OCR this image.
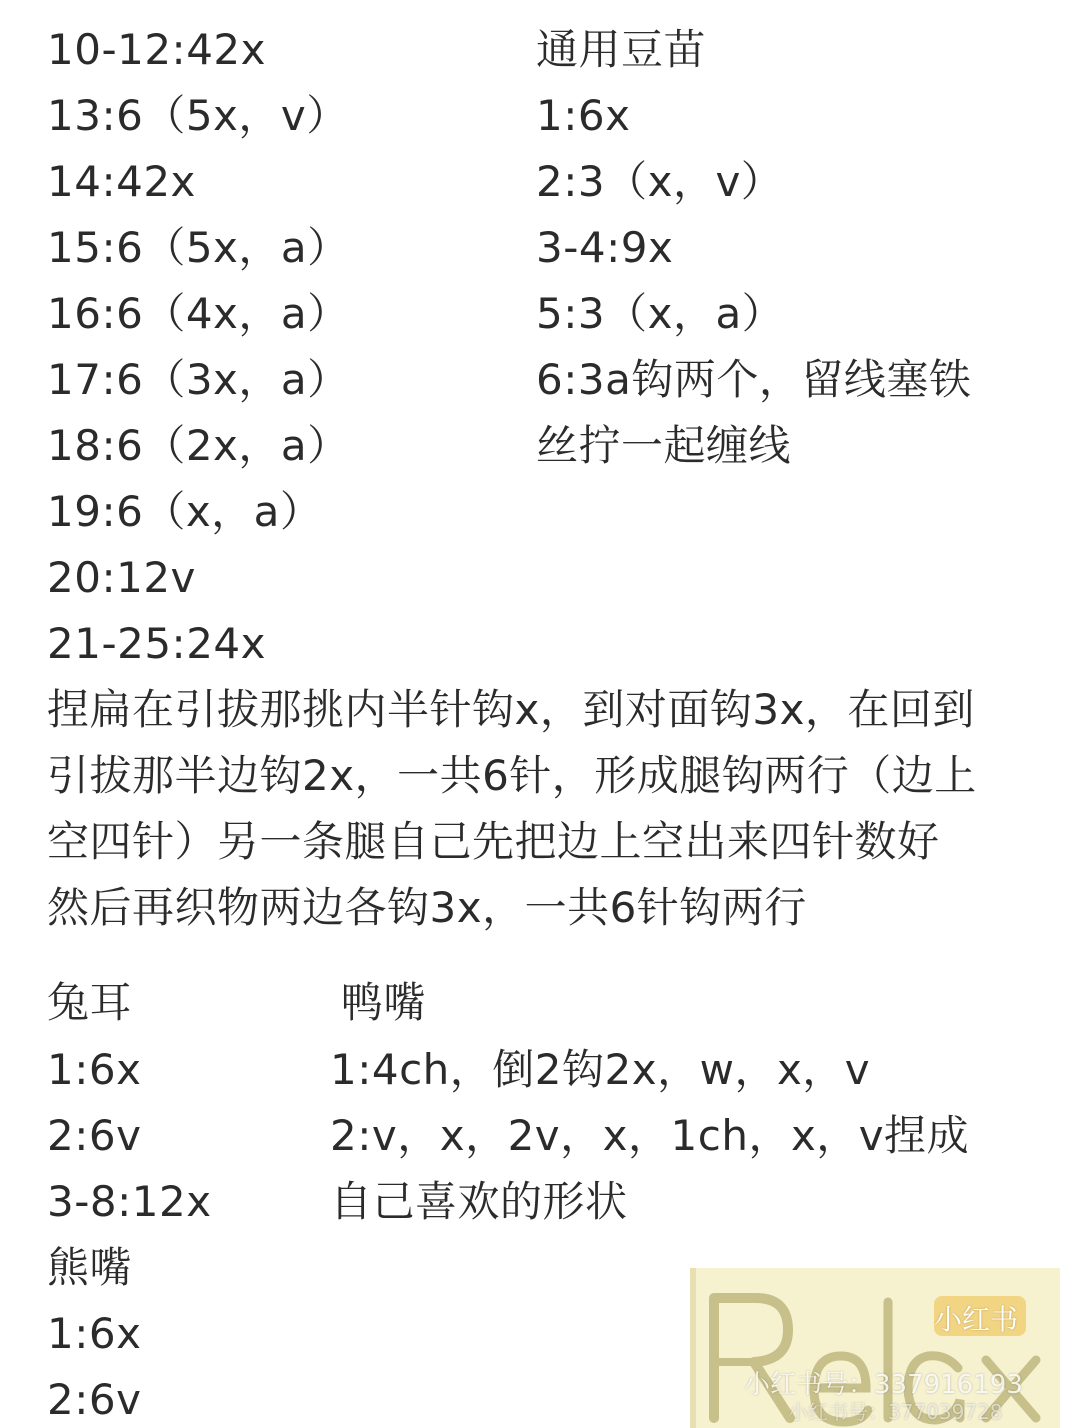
10-12:42x
13:6（5x，v）
14:42x
15:6（5x，a）
16:6（4x，a）
17:6（3x，a）
18:6（2x，a）
19:6（x，a）
20:12v
21-25:24x
通用豆苗
1:6x
2:3（x，v）
3-4:9x
5:3（x，a）
6:3a钩两个，留线塞铁
丝拧一起缠线
捏扁在引拔那挑内半针钩x，到对面钩3x，在回到
引拔那半边钩2x，一共6针，形成腿钩两行（边上
空四针）另一条腿自己先把边上空出来四针数好
然后再织物两边各钩3x，一共6针钩两行
兔耳
1:6x
2:6v
3-8:12x
熊嘴
1:6x
2:6v
鸭嘴
1:4ch，倒2钩2x，w，x，v
2:v，x，2v，x，1ch，x，v捏成
自己喜欢的形状
小红书
小红书号：337916193
小红书号：377039728
